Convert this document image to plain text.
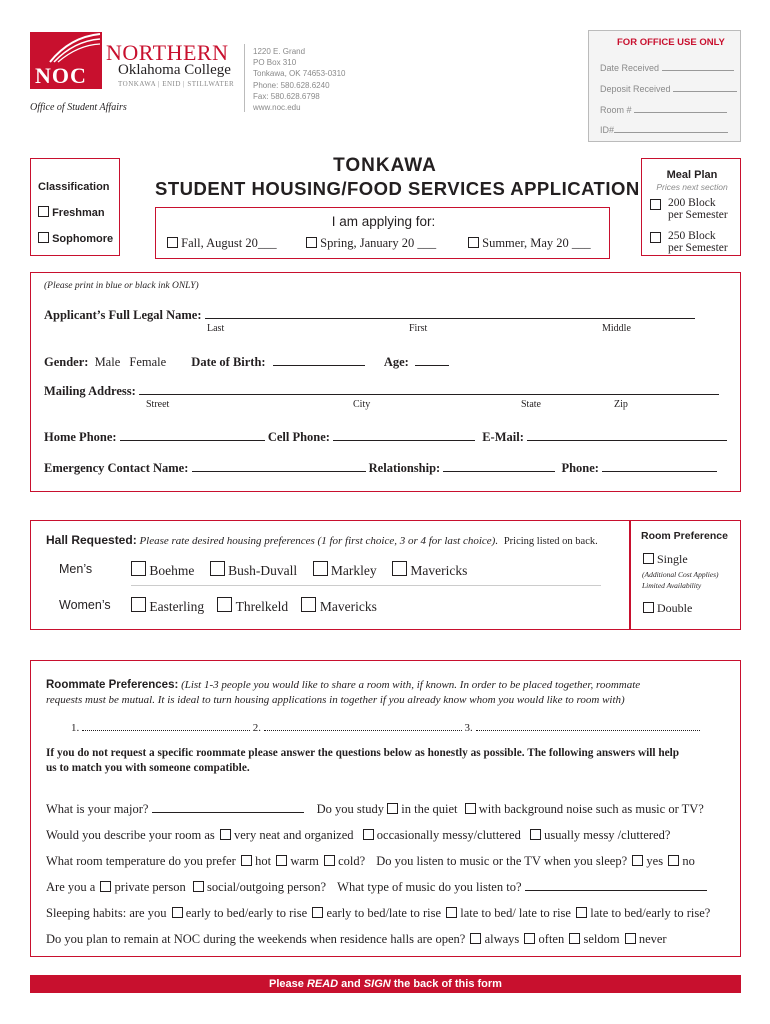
NOC
NORTHERN
Oklahoma College
TONKAWA | ENID | STILLWATER
Office of Student Affairs
1220 E. Grand
PO Box 310
Tonkawa, OK 74653-0310
Phone: 580.628.6240
Fax: 580.628.6798
www.noc.edu
FOR OFFICE USE ONLY
Date Received
Deposit Received
Room #
ID#
TONKAWA
STUDENT HOUSING/FOOD SERVICES APPLICATION
Classification
Freshman
Sophomore
I am applying for:
Fall, August 20___	Spring, January 20 ___	Summer, May 20 ___
Meal Plan
Prices next section
200 Block
per Semester
250 Block
per Semester
(Please print in blue or black ink ONLY)
Applicant’s Full Legal Name:
Last	First	Middle
Gender: Male Female Date of Birth:	Age:
Mailing Address:
Street	City	State	Zip
Home Phone:	Cell Phone:	E-Mail:
Emergency Contact Name:	Relationship:	Phone:
Hall Requested: Please rate desired housing preferences (1 for first choice, 3 or 4 for last choice). Pricing listed on back.
Men’s	Boehme	Bush-Duvall	Markley	Mavericks
Women’s	Easterling Threlkeld Mavericks
Room Preference
Single
(Additional Cost Applies)
Limited Availability
Double
Roommate Preferences: (List 1-3 people you would like to share a room with, if known. In order to be placed together, roommate
requests must be mutual. It is ideal to turn housing applications in together if you already know whom you would like to room with)
1.	2.	3.
If you do not request a specific roommate please answer the questions below as honestly as possible. The following answers will help
us to match you with someone compatible.
What is your major?	Do you study in the quiet with background noise such as music or TV?
Would you describe your room as very neat and organized occasionally messy/cluttered usually messy /cluttered?
What room temperature do you prefer hot warm cold? Do you listen to music or the TV when you sleep? yes no
Are you a private person social/outgoing person? What type of music do you listen to?
Sleeping habits: are you early to bed/early to rise early to bed/late to rise late to bed/ late to rise late to bed/early to rise?
Do you plan to remain at NOC during the weekends when residence halls are open? always often seldom never
Please READ and SIGN the back of this form
